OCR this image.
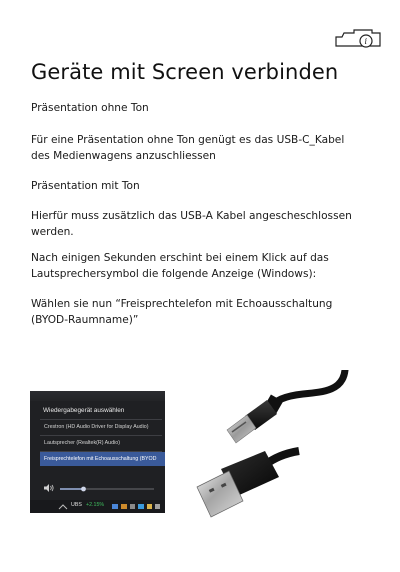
i
Geräte mit Screen verbinden

Präsentation ohne Ton

Für eine Präsentation ohne Ton genügt es das USB-C_Kabel des Medienwagens anzuschliessen

Präsentation mit Ton

Hierfür muss zusätzlich das USB-A Kabel angescheschlossen werden.

Nach einigen Sekunden erschint bei einem Klick auf das Lautsprechersymbol die folgende Anzeige (Windows):

Wählen sie nun “Freisprechtelefon mit Echoausschaltung (BYOD-Raumname)”

Wiedergabegerät auswählen
Crestron (HD Audio Driver for Display Audio)
Lautsprecher (Realtek(R) Audio)
Freisprechtelefon mit Echoausschaltung (BYOD
UBS +2.15%
